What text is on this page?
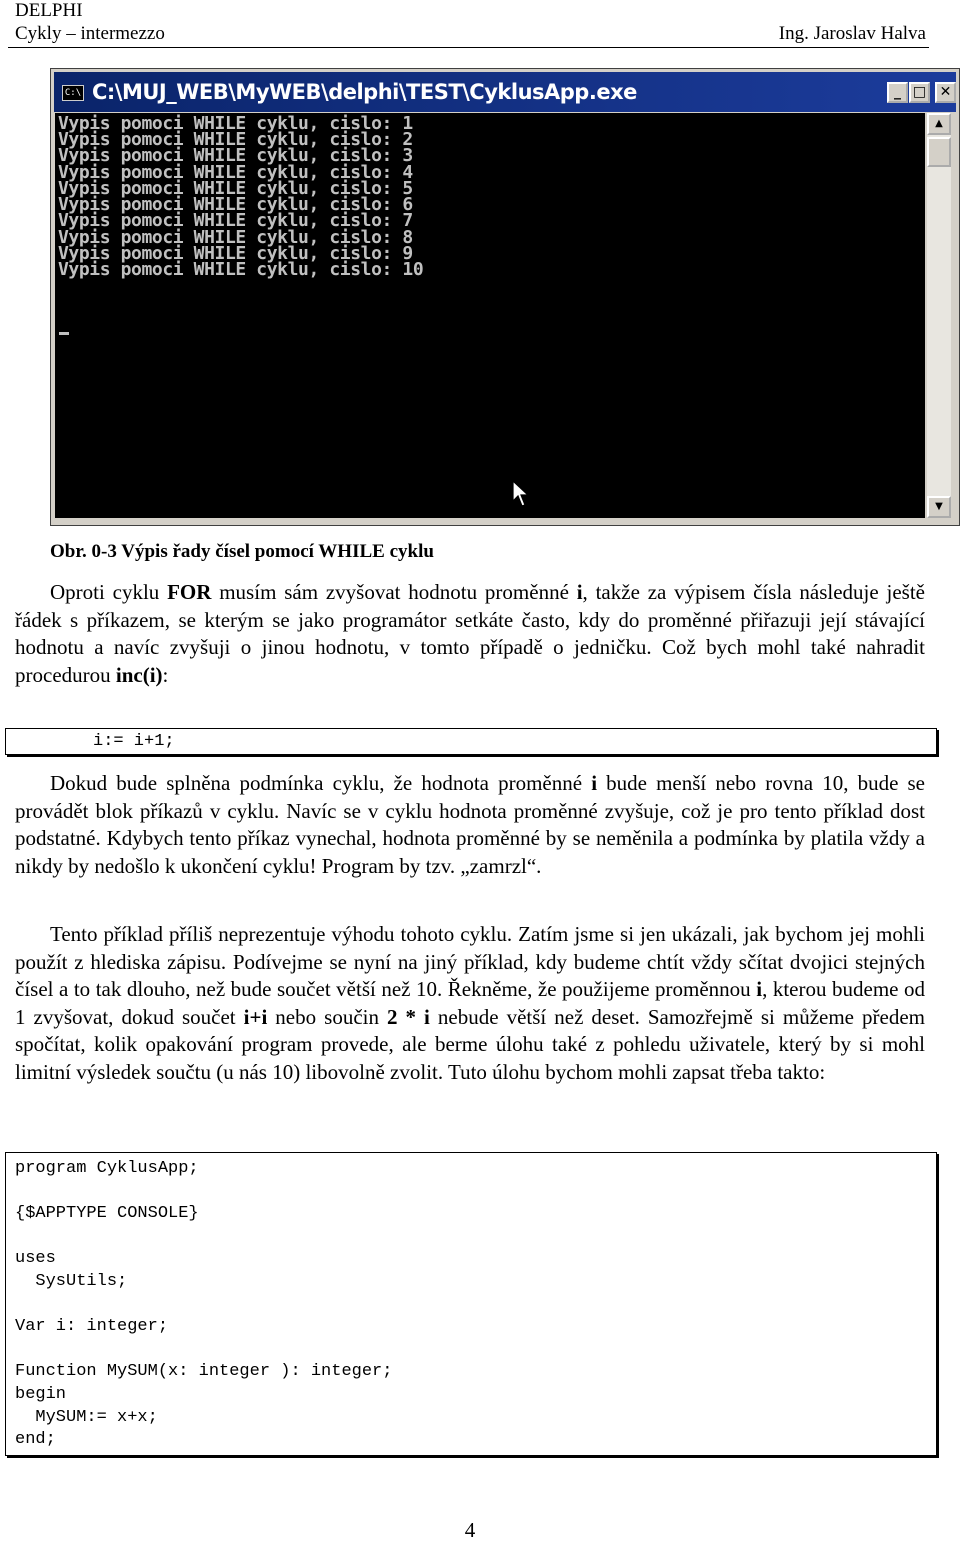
DELPHI
Cykly – intermezzo	Ing. Jaroslav Halva
C:\ C:\MUJ_WEB\MyWEB\delphi\TEST\CyklusApp.exe	_ □ ✕
Vypis pomoci WHILE cyklu, cislo: 1
Vypis pomoci WHILE cyklu, cislo: 2
Vypis pomoci WHILE cyklu, cislo: 3
Vypis pomoci WHILE cyklu, cislo: 4
Vypis pomoci WHILE cyklu, cislo: 5
Vypis pomoci WHILE cyklu, cislo: 6
Vypis pomoci WHILE cyklu, cislo: 7
Vypis pomoci WHILE cyklu, cislo: 8
Vypis pomoci WHILE cyklu, cislo: 9
Vypis pomoci WHILE cyklu, cislo: 10
▲
▼
Obr. 0-3 Výpis řady čísel pomocí WHILE cyklu
Oproti cyklu FOR musím sám zvyšovat hodnotu proměnné i, takže za výpisem čísla následuje ještě řádek s příkazem, se kterým se jako programátor setkáte často, kdy do proměnné přiřazuji její stávající hodnotu a navíc zvyšuji o jinou hodnotu, v tomto případě o jedničku. Což bych mohl také nahradit procedurou inc(i):
i:= i+1;
Dokud bude splněna podmínka cyklu, že hodnota proměnné i bude menší nebo rovna 10, bude se provádět blok příkazů v cyklu. Navíc se v cyklu hodnota proměnné zvyšuje, což je pro tento příklad dost podstatné. Kdybych tento příkaz vynechal, hodnota proměnné by se neměnila a podmínka by platila vždy a nikdy by nedošlo k ukončení cyklu! Program by tzv. „zamrzl“.
Tento příklad příliš neprezentuje výhodu tohoto cyklu. Zatím jsme si jen ukázali, jak bychom jej mohli použít z hlediska zápisu. Podívejme se nyní na jiný příklad, kdy budeme chtít vždy sčítat dvojici stejných čísel a to tak dlouho, než bude součet větší než 10. Řekněme, že použijeme proměnnou i, kterou budeme od 1 zvyšovat, dokud součet i+i nebo součin 2 * i nebude větší než deset. Samozřejmě si můžeme předem spočítat, kolik opakování program provede, ale berme úlohu také z pohledu uživatele, který by si mohl limitní výsledek součtu (u nás 10) libovolně zvolit. Tuto úlohu bychom mohli zapsat třeba takto:
program CyklusApp;

{$APPTYPE CONSOLE}

uses
SysUtils;

Var i: integer;

Function MySUM(x: integer ): integer;
begin
MySUM:= x+x;
end;
4
